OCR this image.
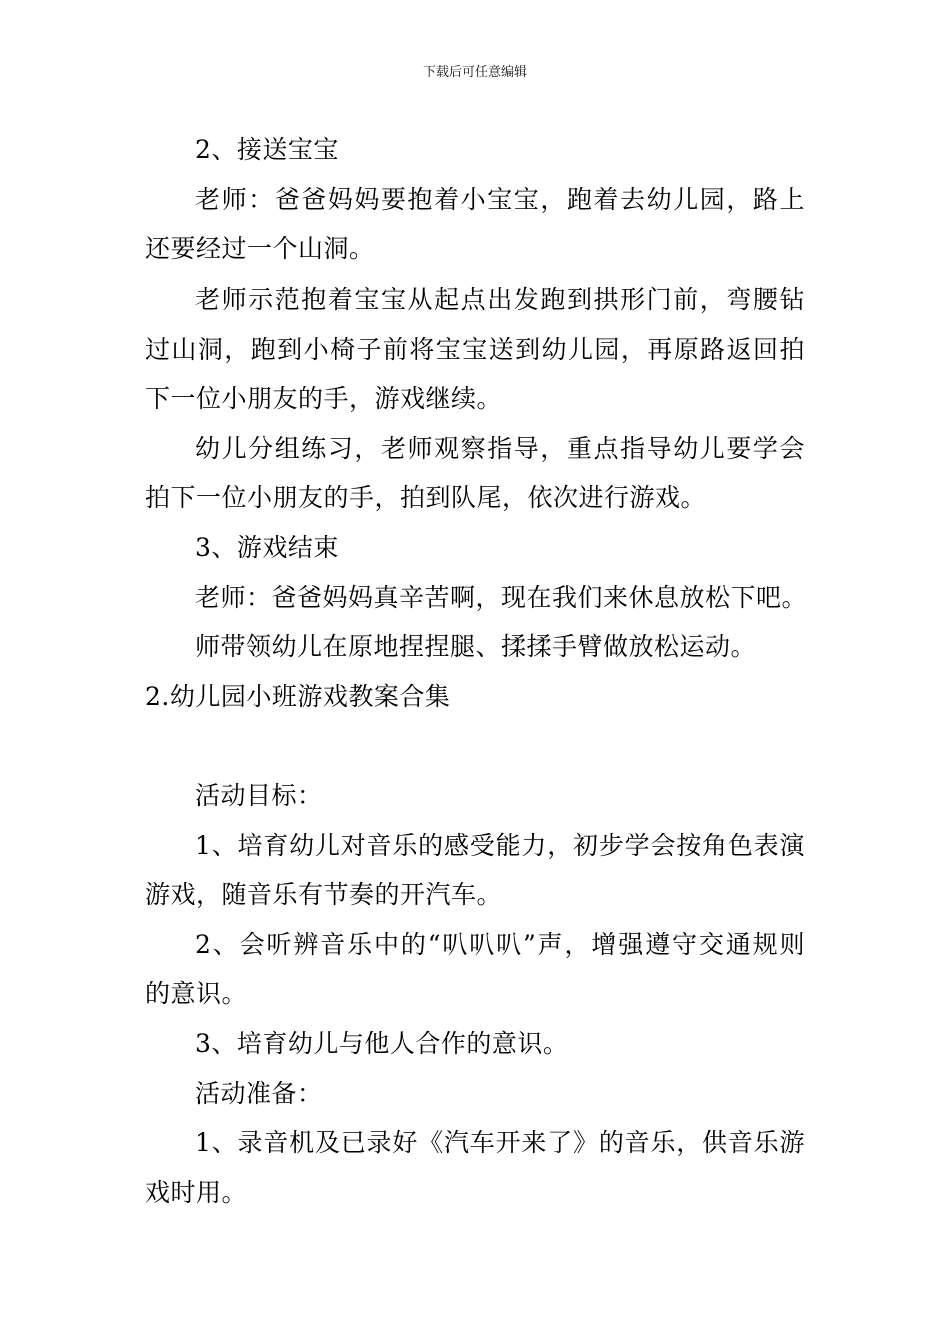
下载后可任意编辑
2、接送宝宝
老师：爸爸妈妈要抱着小宝宝，跑着去幼儿园，路上
还要经过一个山洞。
老师示范抱着宝宝从起点出发跑到拱形门前，弯腰钻
过山洞，跑到小椅子前将宝宝送到幼儿园，再原路返回拍
下一位小朋友的手，游戏继续。
幼儿分组练习，老师观察指导，重点指导幼儿要学会
拍下一位小朋友的手，拍到队尾，依次进行游戏。
3、游戏结束
老师：爸爸妈妈真辛苦啊，现在我们来休息放松下吧。
师带领幼儿在原地捏捏腿、揉揉手臂做放松运动。
2.幼儿园小班游戏教案合集
活动目标：
1、培育幼儿对音乐的感受能力，初步学会按角色表演
游戏，随音乐有节奏的开汽车。
2、会听辨音乐中的“叭叭叭”声，增强遵守交通规则
的意识。
3、培育幼儿与他人合作的意识。
活动准备：
1、录音机及已录好《汽车开来了》的音乐，供音乐游
戏时用。
